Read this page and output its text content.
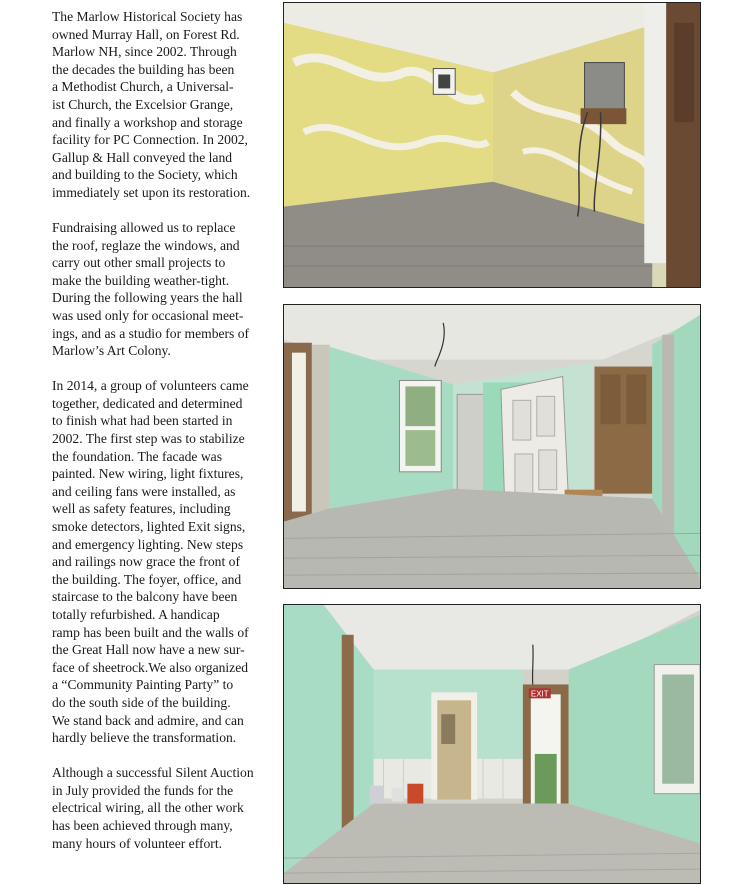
The Marlow Historical Society has
owned Murray Hall, on Forest Rd.
Marlow NH, since 2002. Through
the decades the building has been
a Methodist Church, a Universal-
ist Church, the Excelsior Grange,
and finally a workshop and storage
facility for PC Connection. In 2002,
Gallup & Hall conveyed the land
and building to the Society, which
immediately set upon its restoration.

Fundraising allowed us to replace
the roof, reglaze the windows, and
carry out other small projects to
make the building weather-tight.
During the following years the hall
was used only for occasional meet-
ings, and as a studio for members of
Marlow’s Art Colony.

In 2014, a group of volunteers came
together, dedicated and determined
to finish what had been started in
2002. The first step was to stabilize
the foundation. The facade was
painted. New wiring, light fixtures,
and ceiling fans were installed, as
well as safety features, including
smoke detectors, lighted Exit signs,
and emergency lighting. New steps
and railings now grace the front of
the building. The foyer, office, and
staircase to the balcony have been
totally refurbished. A handicap
ramp has been built and the walls of
the Great Hall now have a new sur-
face of sheetrock.We also organized
a “Community Painting Party” to
do the south side of the building.
We stand back and admire, and can
hardly believe the transformation.

Although a successful Silent Auction
in July provided the funds for the
electrical wiring, all the other work
has been achieved through many,
many hours of volunteer effort.

EXIT
